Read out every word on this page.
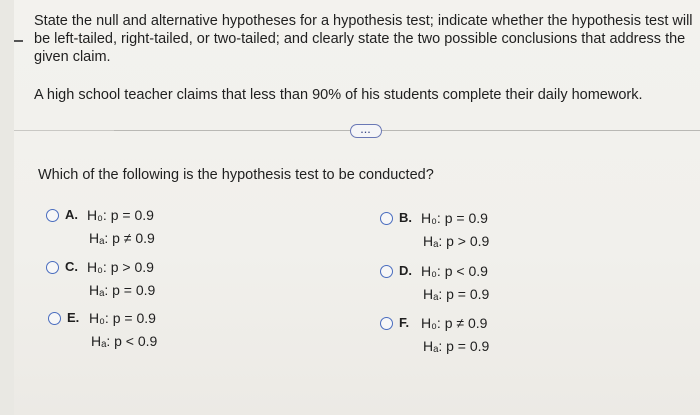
State the null and alternative hypotheses for a hypothesis test; indicate whether the hypothesis test will be left-tailed, right-tailed, or two-tailed; and clearly state the two possible conclusions that address the given claim.

A high school teacher claims that less than 90% of his students complete their daily homework.
...
Which of the following is the hypothesis test to be conducted?
A. H₀: p = 0.9
Hₐ: p ≠ 0.9
B. H₀: p = 0.9
Hₐ: p > 0.9
C. H₀: p > 0.9
Hₐ: p = 0.9
D. H₀: p < 0.9
Hₐ: p = 0.9
E. H₀: p = 0.9
Hₐ: p < 0.9
F. H₀: p ≠ 0.9
Hₐ: p = 0.9
